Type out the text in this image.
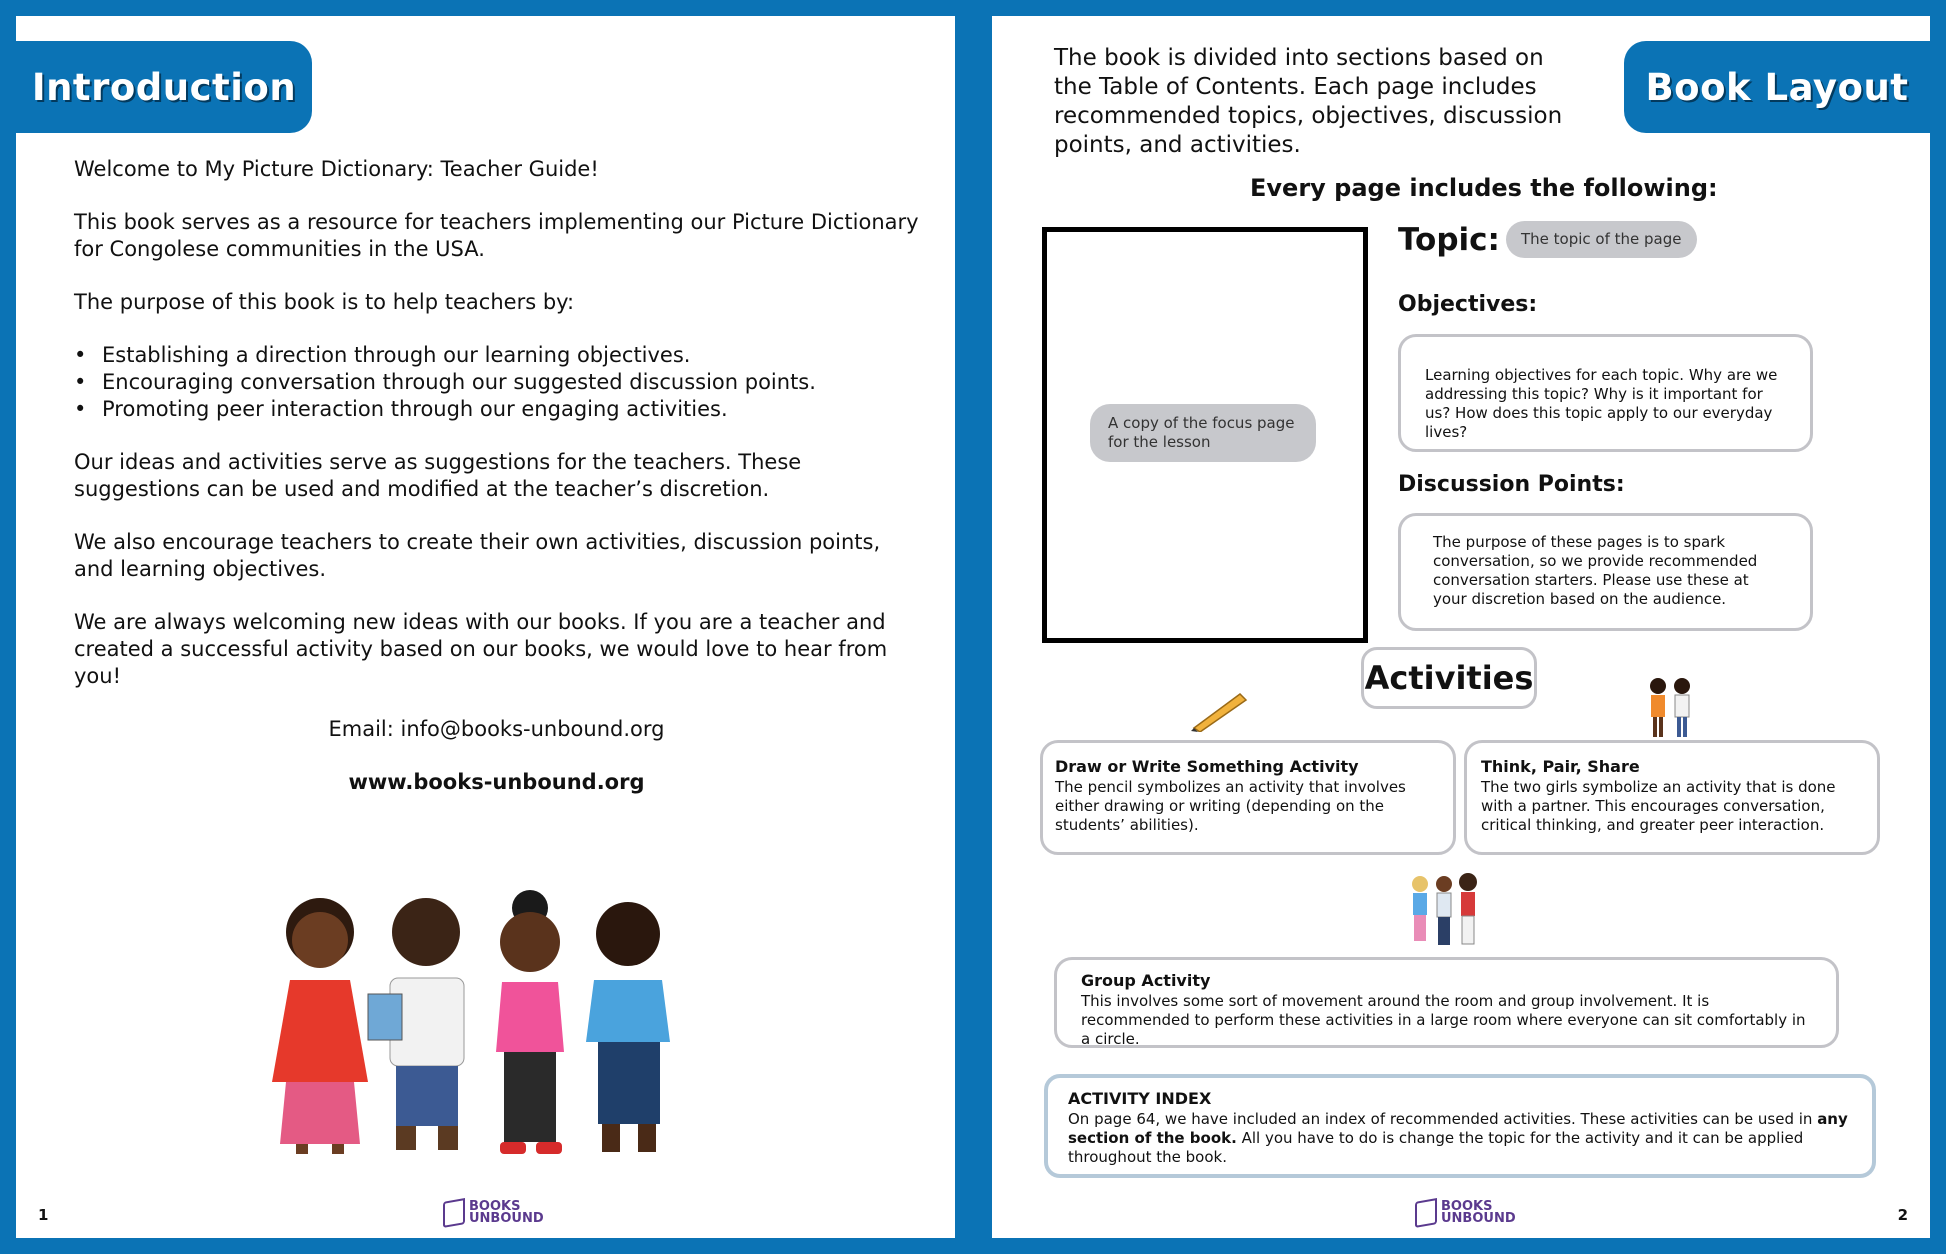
Introduction

Welcome to My Picture Dictionary: Teacher Guide!

This book serves as a resource for teachers implementing our Picture Dictionary for Congolese communities in the USA.

The purpose of this book is to help teachers by:

• Establishing a direction through our learning objectives.
• Encouraging conversation through our suggested discussion points.
• Promoting peer interaction through our engaging activities.

Our ideas and activities serve as suggestions for the teachers. These suggestions can be used and modified at the teacher’s discretion.

We also encourage teachers to create their own activities, discussion points, and learning objectives.

We are always welcoming new ideas with our books. If you are a teacher and created a successful activity based on our books, we would love to hear from you!

Email: info@books-unbound.org

www.books-unbound.org

1	BOOKS
UNBOUND
Book Layout
The book is divided into sections based on the Table of Contents. Each page includes recommended topics, objectives, discussion points, and activities.
Every page includes the following:
A copy of the focus page for the lesson
Topic:	The topic of the page
Objectives:
Learning objectives for each topic. Why are we addressing this topic? Why is it important for us? How does this topic apply to our everyday lives?
Discussion Points:
The purpose of these pages is to spark conversation, so we provide recommended conversation starters. Please use these at your discretion based on the audience.
Activities
Draw or Write Something Activity
The pencil symbolizes an activity that involves either drawing or writing (depending on the students’ abilities).
Think, Pair, Share
The two girls symbolize an activity that is done with a partner. This encourages conversation, critical thinking, and greater peer interaction.
Group Activity
This involves some sort of movement around the room and group involvement. It is recommended to perform these activities in a large room where everyone can sit comfortably in a circle.
ACTIVITY INDEX
On page 64, we have included an index of recommended activities. These activities can be used in any section of the book. All you have to do is change the topic for the activity and it can be applied throughout the book.
BOOKS
UNBOUND	2
